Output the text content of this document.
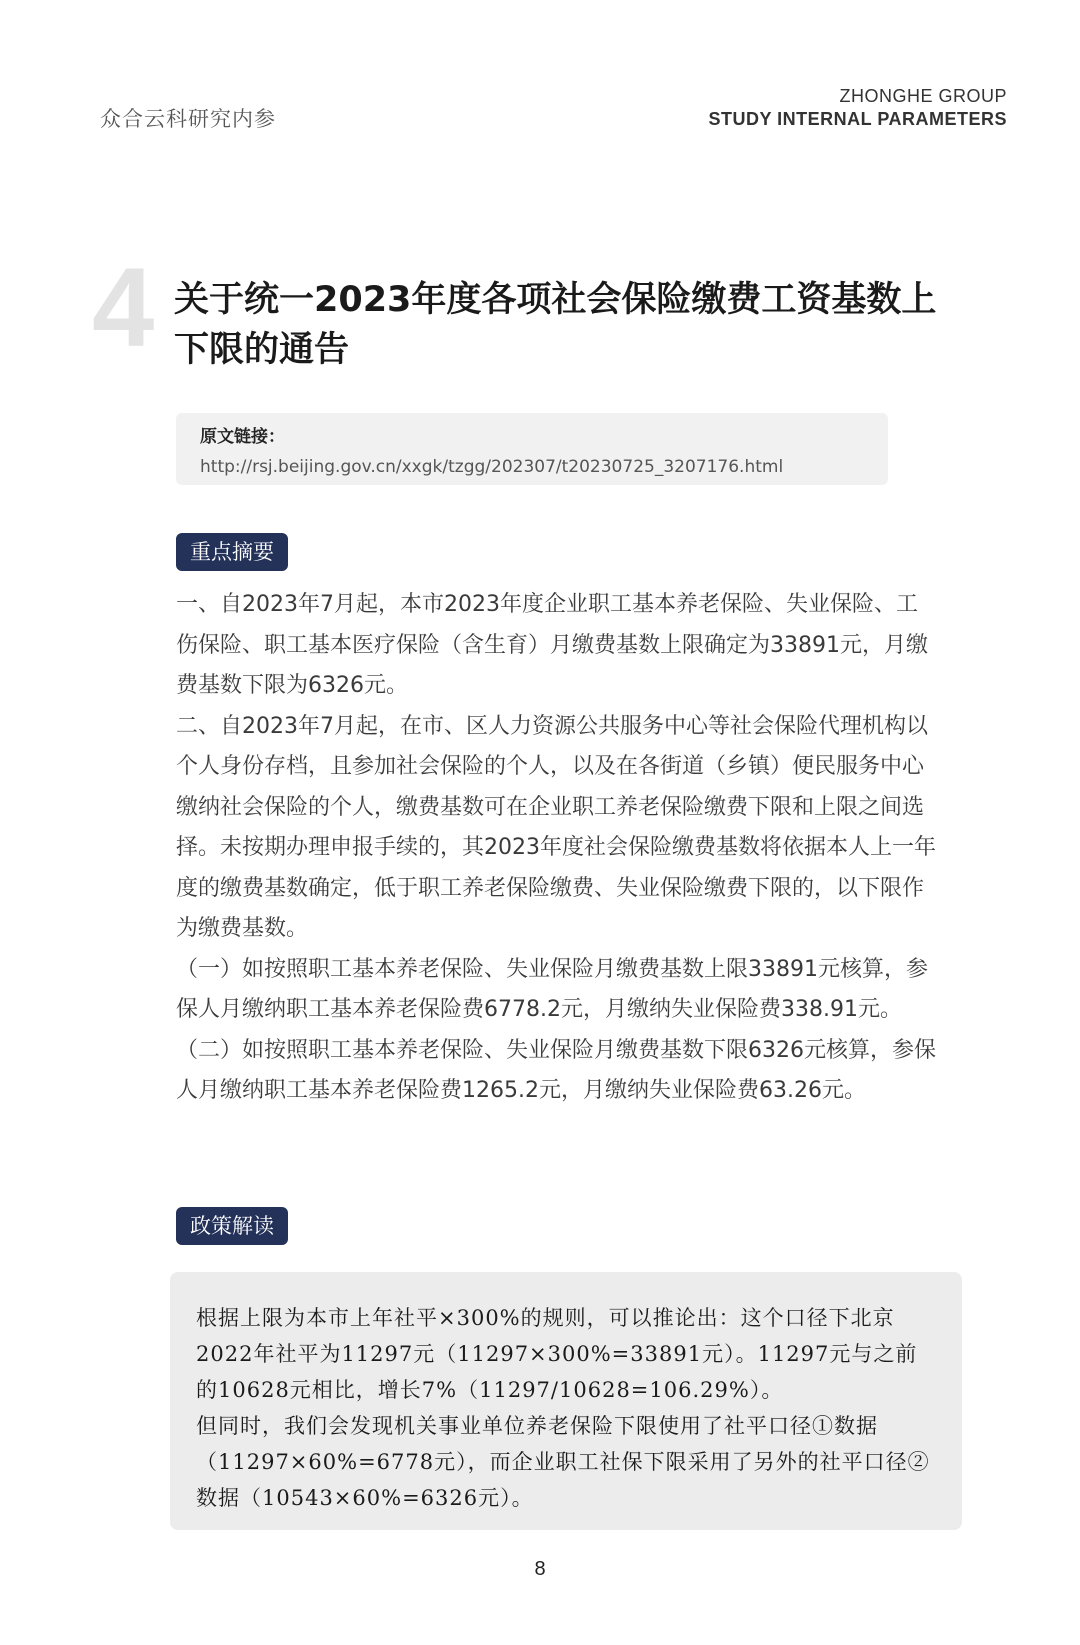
众合云科研究内参
ZHONGHE GROUP
STUDY INTERNAL PARAMETERS
4 关于统一2023年度各项社会保险缴费工资基数上下限的通告
原文链接：http://rsj.beijing.gov.cn/xxgk/tzgg/202307/t20230725_3207176.html
重点摘要

一、自2023年7月起，本市2023年度企业职工基本养老保险、失业保险、工伤保险、职工基本医疗保险（含生育）月缴费基数上限确定为33891元，月缴费基数下限为6326元。

二、自2023年7月起，在市、区人力资源公共服务中心等社会保险代理机构以个人身份存档，且参加社会保险的个人，以及在各街道（乡镇）便民服务中心缴纳社会保险的个人，缴费基数可在企业职工养老保险缴费下限和上限之间选择。未按期办理申报手续的，其2023年度社会保险缴费基数将依据本人上一年度的缴费基数确定，低于职工养老保险缴费、失业保险缴费下限的，以下限作为缴费基数。

（一）如按照职工基本养老保险、失业保险月缴费基数上限33891元核算，参保人月缴纳职工基本养老保险费6778.2元，月缴纳失业保险费338.91元。

（二）如按照职工基本养老保险、失业保险月缴费基数下限6326元核算，参保人月缴纳职工基本养老保险费1265.2元，月缴纳失业保险费63.26元。

政策解读

根据上限为本市上年社平×300%的规则，可以推论出：这个口径下北京2022年社平为11297元（11297×300%=33891元）。11297元与之前的10628元相比，增长7%（11297/10628=106.29%）。

但同时，我们会发现机关事业单位养老保险下限使用了社平口径①数据（11297×60%=6778元），而企业职工社保下限采用了另外的社平口径②数据（10543×60%=6326元）。

8
